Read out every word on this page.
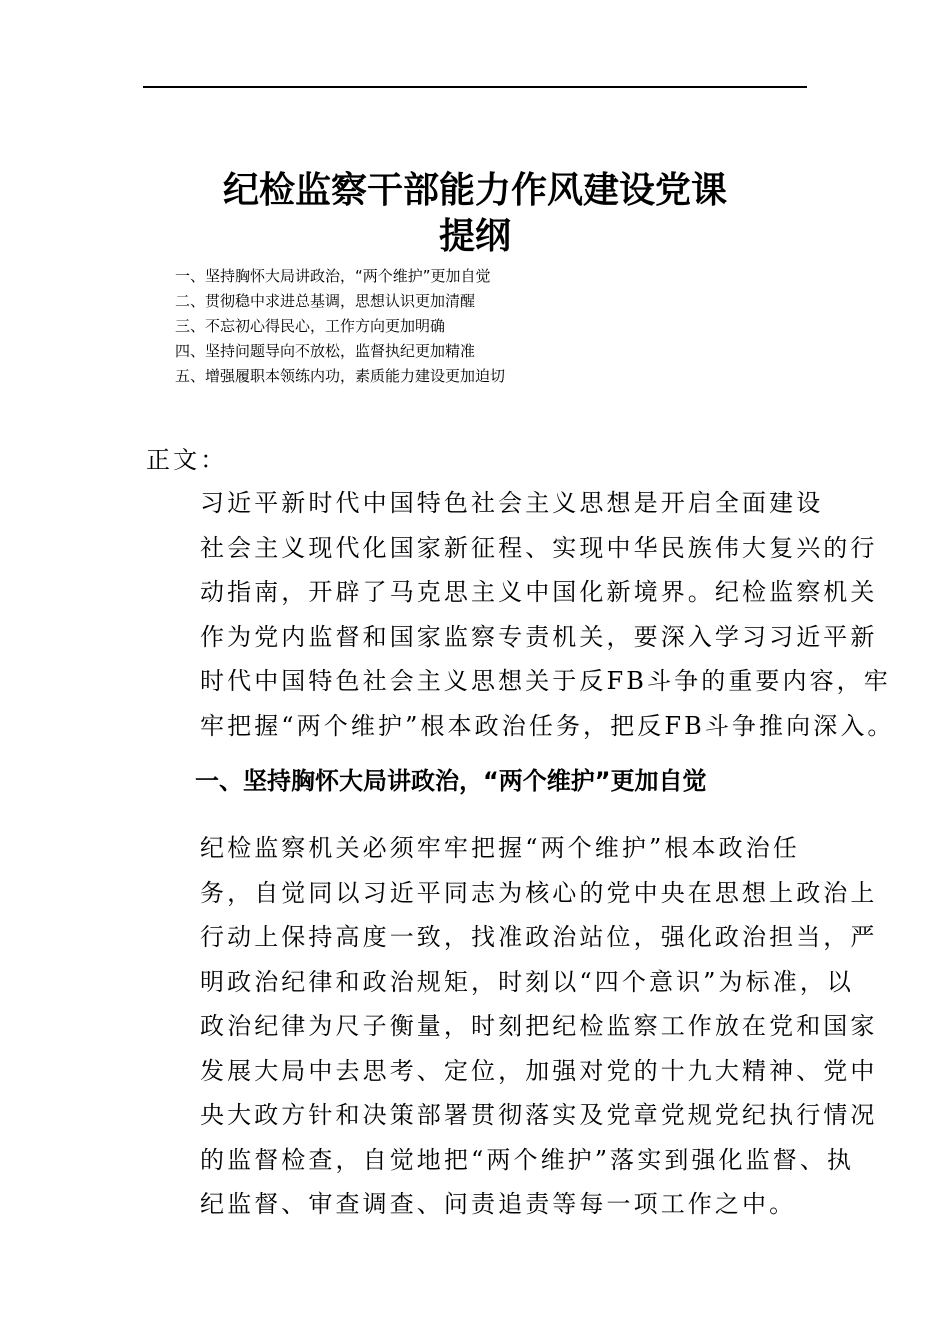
纪检监察干部能力作风建设党课
提纲
一、坚持胸怀大局讲政治，“两个维护”更加自觉
二、贯彻稳中求进总基调，思想认识更加清醒
三、不忘初心得民心，工作方向更加明确
四、坚持问题导向不放松，监督执纪更加精准
五、增强履职本领练内功，素质能力建设更加迫切

正文：

习近平新时代中国特色社会主义思想是开启全面建设
社会主义现代化国家新征程、实现中华民族伟大复兴的行
动指南，开辟了马克思主义中国化新境界。纪检监察机关
作为党内监督和国家监察专责机关，要深入学习习近平新
时代中国特色社会主义思想关于反FB斗争的重要内容，牢
牢把握“两个维护”根本政治任务，把反FB斗争推向深入。

一、坚持胸怀大局讲政治，“两个维护”更加自觉

纪检监察机关必须牢牢把握“两个维护”根本政治任
务，自觉同以习近平同志为核心的党中央在思想上政治上
行动上保持高度一致，找准政治站位，强化政治担当，严
明政治纪律和政治规矩，时刻以“四个意识”为标准，以
政治纪律为尺子衡量，时刻把纪检监察工作放在党和国家
发展大局中去思考、定位，加强对党的十九大精神、党中
央大政方针和决策部署贯彻落实及党章党规党纪执行情况
的监督检查，自觉地把“两个维护”落实到强化监督、执
纪监督、审查调查、问责追责等每一项工作之中。
